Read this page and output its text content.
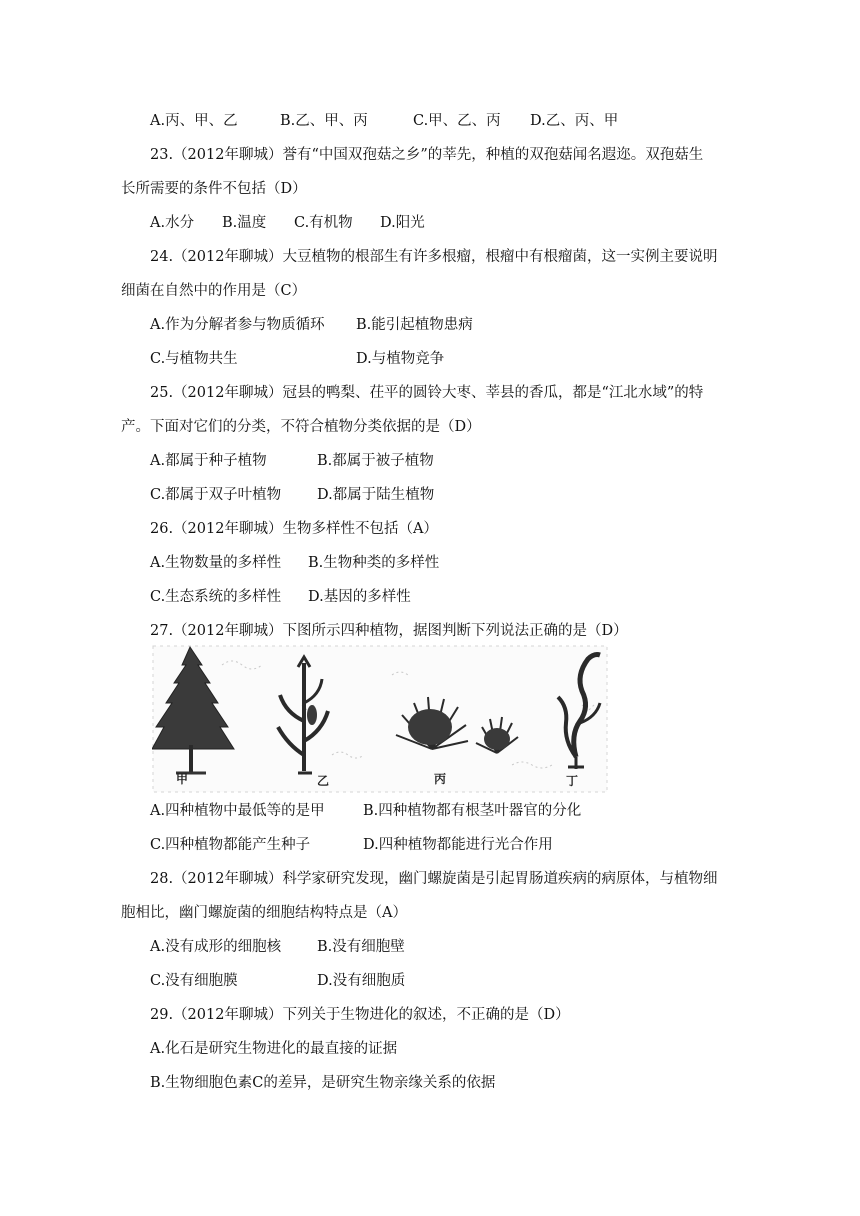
A.丙、甲、乙	B.乙、甲、丙	C.甲、乙、丙 D.乙、丙、甲
23.（2012年聊城）誉有“中国双孢菇之乡”的莘先，种植的双孢菇闻名遐迩。双孢菇生
长所需要的条件不包括（D）
A.水分 B.温度 C.有机物 D.阳光
24.（2012年聊城）大豆植物的根部生有许多根瘤，根瘤中有根瘤菌，这一实例主要说明
细菌在自然中的作用是（C）
A.作为分解者参与物质循环 B.能引起植物患病
C.与植物共生	D.与植物竞争
25.（2012年聊城）冠县的鸭梨、茌平的圆铃大枣、莘县的香瓜，都是“江北水域”的特
产。下面对它们的分类，不符合植物分类依据的是（D）
A.都属于种子植物	B.都属于被子植物
C.都属于双子叶植物 D.都属于陆生植物
26.（2012年聊城）生物多样性不包括（A）
A.生物数量的多样性 B.生物种类的多样性
C.生态系统的多样性 D.基因的多样性
27.（2012年聊城）下图所示四种植物，据图判断下列说法正确的是（D）
甲	乙	丙	丁
A.四种植物中最低等的是甲	B.四种植物都有根茎叶器官的分化
C.四种植物都能产生种子	D.四种植物都能进行光合作用
28.（2012年聊城）科学家研究发现，幽门螺旋菌是引起胃肠道疾病的病原体，与植物细
胞相比，幽门螺旋菌的细胞结构特点是（A）
A.没有成形的细胞核 B.没有细胞壁
C.没有细胞膜	D.没有细胞质
29.（2012年聊城）下列关于生物进化的叙述，不正确的是（D）
A.化石是研究生物进化的最直接的证据
B.生物细胞色素C的差异，是研究生物亲缘关系的依据
